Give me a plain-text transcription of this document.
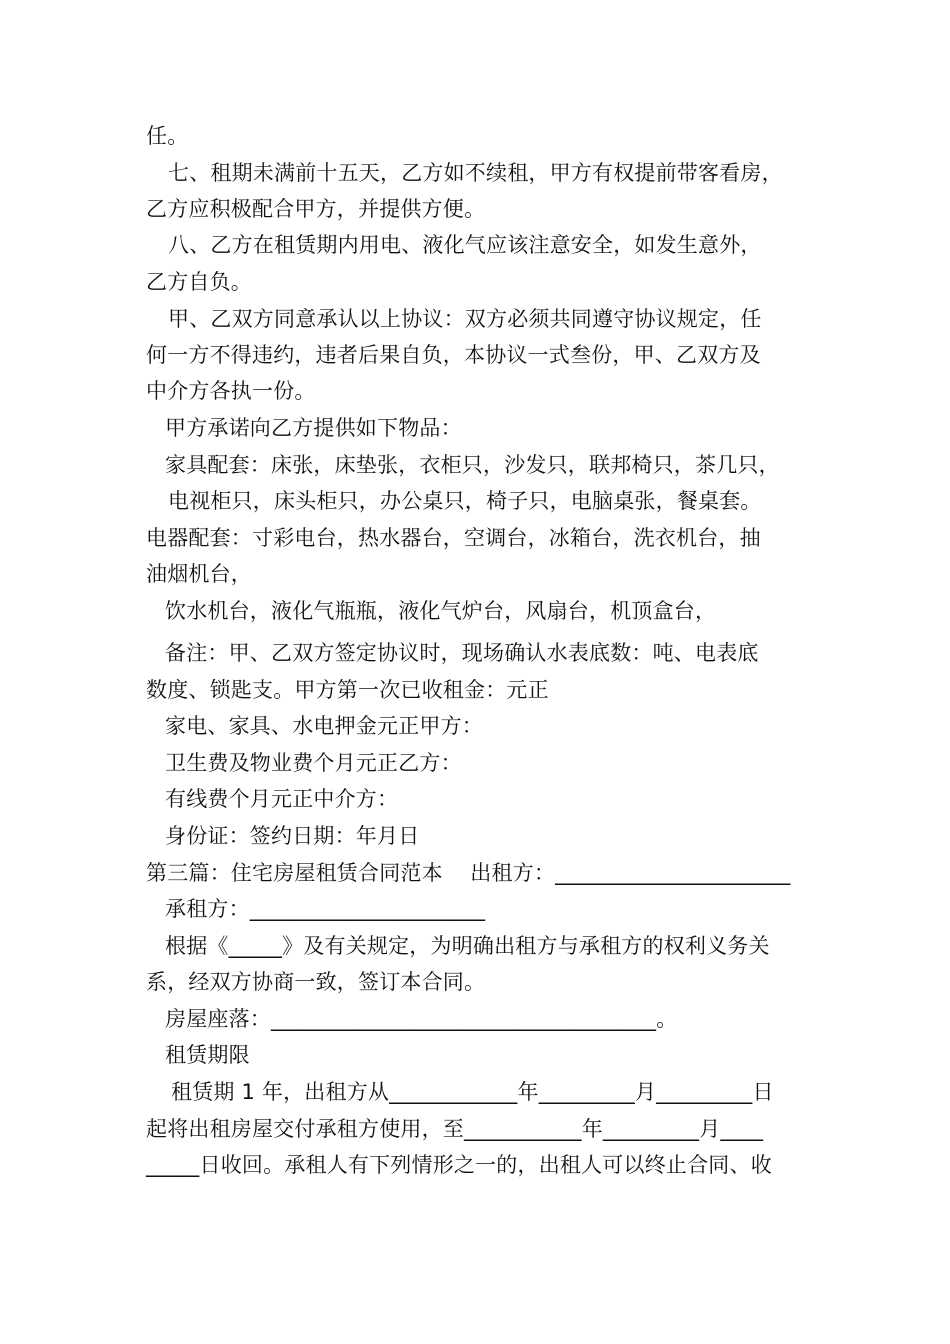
任。
七、租期未满前十五天，乙方如不续租，甲方有权提前带客看房，
乙方应积极配合甲方，并提供方便。
八、乙方在租赁期内用电、液化气应该注意安全，如发生意外，
乙方自负。
甲、乙双方同意承认以上协议：双方必须共同遵守协议规定，任
何一方不得违约，违者后果自负，本协议一式叁份，甲、乙双方及
中介方各执一份。
甲方承诺向乙方提供如下物品：
家具配套：床张，床垫张，衣柜只，沙发只，联邦椅只，茶几只，
电视柜只，床头柜只，办公桌只，椅子只，电脑桌张，餐桌套。
电器配套：寸彩电台，热水器台，空调台，冰箱台，洗衣机台，抽
油烟机台，
饮水机台，液化气瓶瓶，液化气炉台，风扇台，机顶盒台，
备注：甲、乙双方签定协议时，现场确认水表底数：吨、电表底
数度、锁匙支。甲方第一次已收租金：元正
家电、家具、水电押金元正甲方：
卫生费及物业费个月元正乙方：
有线费个月元正中介方：
身份证：签约日期：年月日
第三篇：住宅房屋租赁合同范本    出租方：______________________
承租方：______________________
根据《_____》及有关规定，为明确出租方与承租方的权利义务关
系，经双方协商一致，签订本合同。
房屋座落：____________________________________。
租赁期限
租赁期 1 年，出租方从____________年_________月_________日
起将出租房屋交付承租方使用，至___________年_________月____
_____日收回。承租人有下列情形之一的，出租人可以终止合同、收
